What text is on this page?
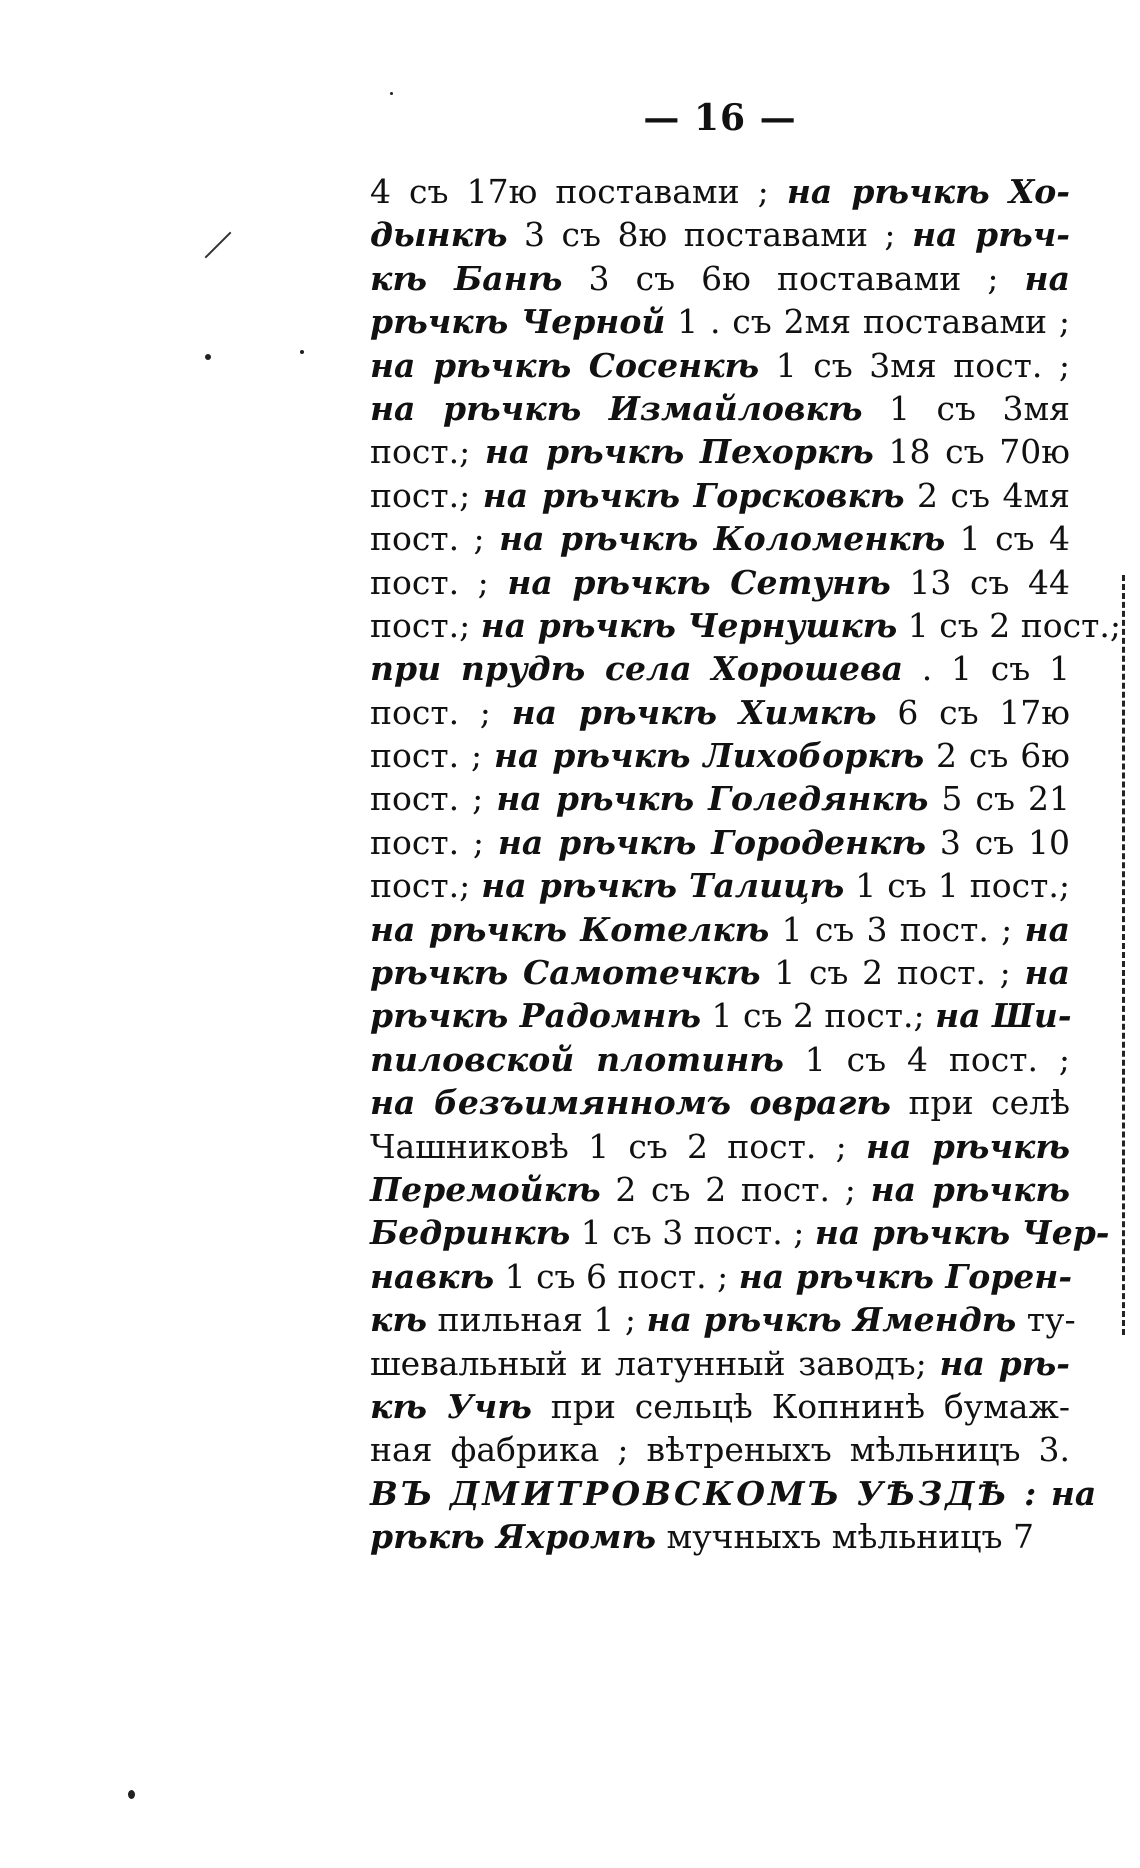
— 16 —
4 съ 17ю поставами ; на рѣчкѣ Хо-
дынкѣ 3 съ 8ю поставами ; на рѣч-
кѣ Банѣ 3 съ 6ю поставами ; на
рѣчкѣ Черной 1 . съ 2мя поставами ;
на рѣчкѣ Сосенкѣ 1 съ 3мя пост. ;
на рѣчкѣ Измайловкѣ 1 съ 3мя
пост.; на рѣчкѣ Пехоркѣ 18 съ 70ю
пост.; на рѣчкѣ Горсковкѣ 2 съ 4мя
пост. ; на рѣчкѣ Коломенкѣ 1 съ 4
пост. ; на рѣчкѣ Сетунѣ 13 съ 44
пост.; на рѣчкѣ Чернушкѣ 1 съ 2 пост.;
при прудѣ села Хорошева . 1 съ 1
пост. ; на рѣчкѣ Химкѣ 6 съ 17ю
пост. ; на рѣчкѣ Лихоборкѣ 2 съ 6ю
пост. ; на рѣчкѣ Голедянкѣ 5 съ 21
пост. ; на рѣчкѣ Городенкѣ 3 съ 10
пост.; на рѣчкѣ Талицѣ 1 съ 1 пост.;
на рѣчкѣ Котелкѣ 1 съ 3 пост. ; на
рѣчкѣ Самотечкѣ 1 съ 2 пост. ; на
рѣчкѣ Радомнѣ 1 съ 2 пост.; на Ши-
пиловской плотинѣ 1 съ 4 пост. ;
на безъимянномъ оврагѣ при селѣ
Чашниковѣ 1 съ 2 пост. ; на рѣчкѣ
Перемойкѣ 2 съ 2 пост. ; на рѣчкѣ
Бедринкѣ 1 съ 3 пост. ; на рѣчкѣ Чер-
навкѣ 1 съ 6 пост. ; на рѣчкѣ Горен-
кѣ пильная 1 ; на рѣчкѣ Ямендѣ ту-
шевальный и латунный заводъ; на рѣ-
кѣ Учѣ при сельцѣ Копнинѣ бумаж-
ная фабрика ; вѣтреныхъ мѣльницъ 3.
ВЪ ДМИТРОВСКОМЪ УѢЗДѢ : на
рѣкѣ Яхромѣ мучныхъ мѣльницъ 7
